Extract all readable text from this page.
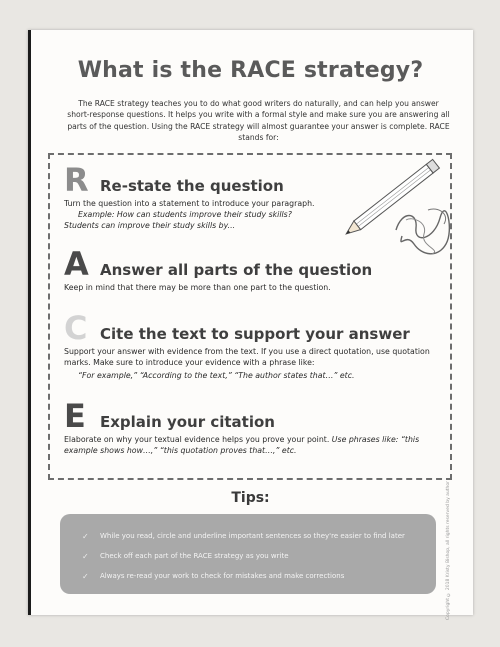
What is the RACE strategy?
The RACE strategy teaches you to do what good writers do naturally, and can help you answer short-response questions. It helps you write with a formal style and make sure you are answering all parts of the question. Using the RACE strategy will almost guarantee your answer is complete. RACE stands for:
R Re-state the question
Turn the question into a statement to introduce your paragraph.
Example: How can students improve their study skills?
Students can improve their study skills by...
A Answer all parts of the question
Keep in mind that there may be more than one part to the question.
C Cite the text to support your answer
Support your answer with evidence from the text. If you use a direct quotation, use quotation marks. Make sure to introduce your evidence with a phrase like:
“For example,” “According to the text,” “The author states that…” etc.
E Explain your citation
Elaborate on why your textual evidence helps you prove your point. Use phrases like: “this example shows how…,” “this quotation proves that…,” etc.
Tips:
✓	While you read, circle and underline important sentences so they're easier to find later
✓	Check off each part of the RACE strategy as you write
✓	Always re-read your work to check for mistakes and make corrections	Copyright © 2018 Kristy Bishop, all rights reserved by author
